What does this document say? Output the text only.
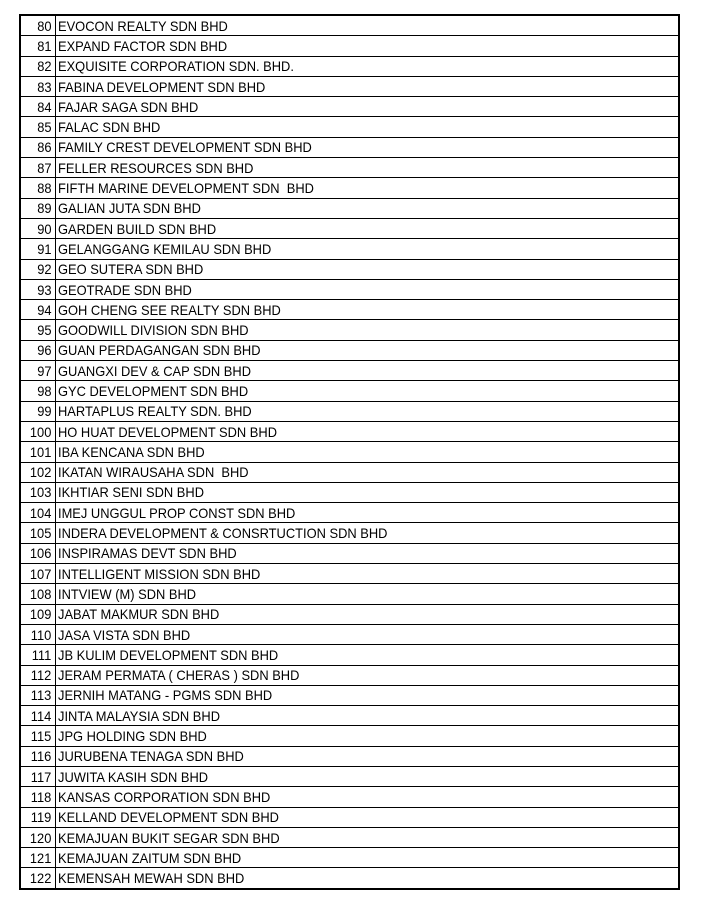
80	EVOCON REALTY SDN BHD
81	EXPAND FACTOR SDN BHD
82	EXQUISITE CORPORATION SDN. BHD.
83	FABINA DEVELOPMENT SDN BHD
84	FAJAR SAGA SDN BHD
85	FALAC SDN BHD
86	FAMILY CREST DEVELOPMENT SDN BHD
87	FELLER RESOURCES SDN BHD
88	FIFTH MARINE DEVELOPMENT SDN  BHD
89	GALIAN JUTA SDN BHD
90	GARDEN BUILD SDN BHD
91	GELANGGANG KEMILAU SDN BHD
92	GEO SUTERA SDN BHD
93	GEOTRADE SDN BHD
94	GOH CHENG SEE REALTY SDN BHD
95	GOODWILL DIVISION SDN BHD
96	GUAN PERDAGANGAN SDN BHD
97	GUANGXI DEV & CAP SDN BHD
98	GYC DEVELOPMENT SDN BHD
99	HARTAPLUS REALTY SDN. BHD
100	HO HUAT DEVELOPMENT SDN BHD
101	IBA KENCANA SDN BHD
102	IKATAN WIRAUSAHA SDN  BHD
103	IKHTIAR SENI SDN BHD
104	IMEJ UNGGUL PROP CONST SDN BHD
105	INDERA DEVELOPMENT & CONSRTUCTION SDN BHD
106	INSPIRAMAS DEVT SDN BHD
107	INTELLIGENT MISSION SDN BHD
108	INTVIEW (M) SDN BHD
109	JABAT MAKMUR SDN BHD
110	JASA VISTA SDN BHD
111	JB KULIM DEVELOPMENT SDN BHD
112	JERAM PERMATA ( CHERAS ) SDN BHD
113	JERNIH MATANG - PGMS SDN BHD
114	JINTA MALAYSIA SDN BHD
115	JPG HOLDING SDN BHD
116	JURUBENA TENAGA SDN BHD
117	JUWITA KASIH SDN BHD
118	KANSAS CORPORATION SDN BHD
119	KELLAND DEVELOPMENT SDN BHD
120	KEMAJUAN BUKIT SEGAR SDN BHD
121	KEMAJUAN ZAITUM SDN BHD
122	KEMENSAH MEWAH SDN BHD
